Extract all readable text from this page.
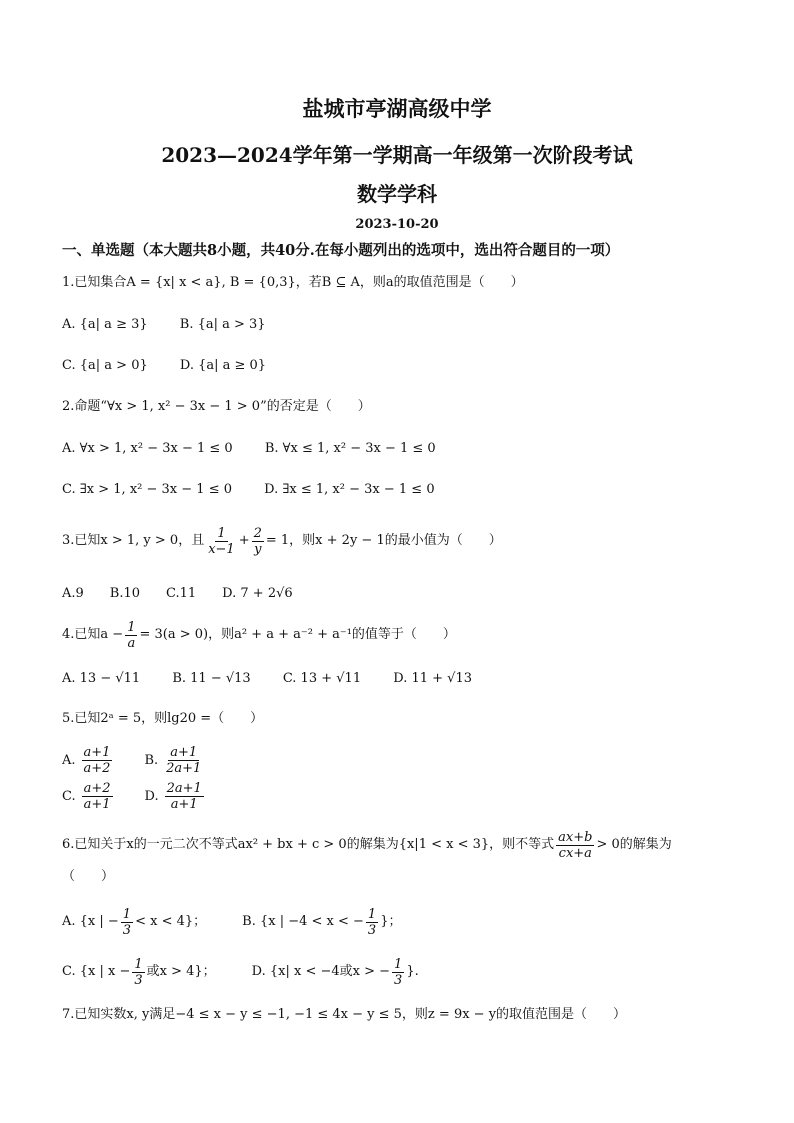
盐城市亭湖高级中学
2023—2024学年第一学期高一年级第一次阶段考试
数学学科
2023-10-20
一、单选题（本大题共8小题，共40分.在每小题列出的选项中，选出符合题目的一项）
1.已知集合A = {x| x < a}, B = {0,3}，若B ⊆ A，则a的取值范围是（　　）
A. {a| a ≥ 3} B. {a| a > 3}
C. {a| a > 0} D. {a| a ≥ 0}
2.命题“∀x > 1, x² − 3x − 1 > 0”的否定是（　　）
A. ∀x > 1, x² − 3x − 1 ≤ 0 B. ∀x ≤ 1, x² − 3x − 1 ≤ 0
C. ∃x > 1, x² − 3x − 1 ≤ 0 D. ∃x ≤ 1, x² − 3x − 1 ≤ 0
3.已知x > 1, y > 0，且 $\frac{1}{x-1} + \frac{2}{y} = 1$，则x + 2y − 1的最小值为（　　）
A.9　　B.10　　C.11　　D. 7 + 2√6
4.已知$a - \frac{1}{a} = 3(a > 0)$，则a² + a + a⁻² + a⁻¹的值等于（　　）
A. 13 − √11 B. 11 − √13 C. 13 + √11 D. 11 + √13
5.已知2ᵃ = 5，则lg20 =（　　）
A. $\frac{a+1}{a+2} B$. $\frac{a+1}{2a+1}$
C. $\frac{a+2}{a+1} D$. $\frac{2a+1}{a+1}$
6.已知关于x的一元二次不等式ax² + bx + c > 0的解集为{x|1 < x < 3}，则不等式 $\frac{ax+b}{cx+a} > 0$的解集为
（　　）
A. {x | − $\frac{1}{3} < x < 4$}；	B. {x | −4 < x < − $\frac{1}{3}$ }；
C. {x | $x - \frac{1}{3}$ 或x > 4}；	D. {x| x < −4或x > − $\frac{1}{3}$ }.
7.已知实数x, y满足−4 ≤ x − y ≤ −1, −1 ≤ 4x − y ≤ 5，则z = 9x − y的取值范围是（　　）
